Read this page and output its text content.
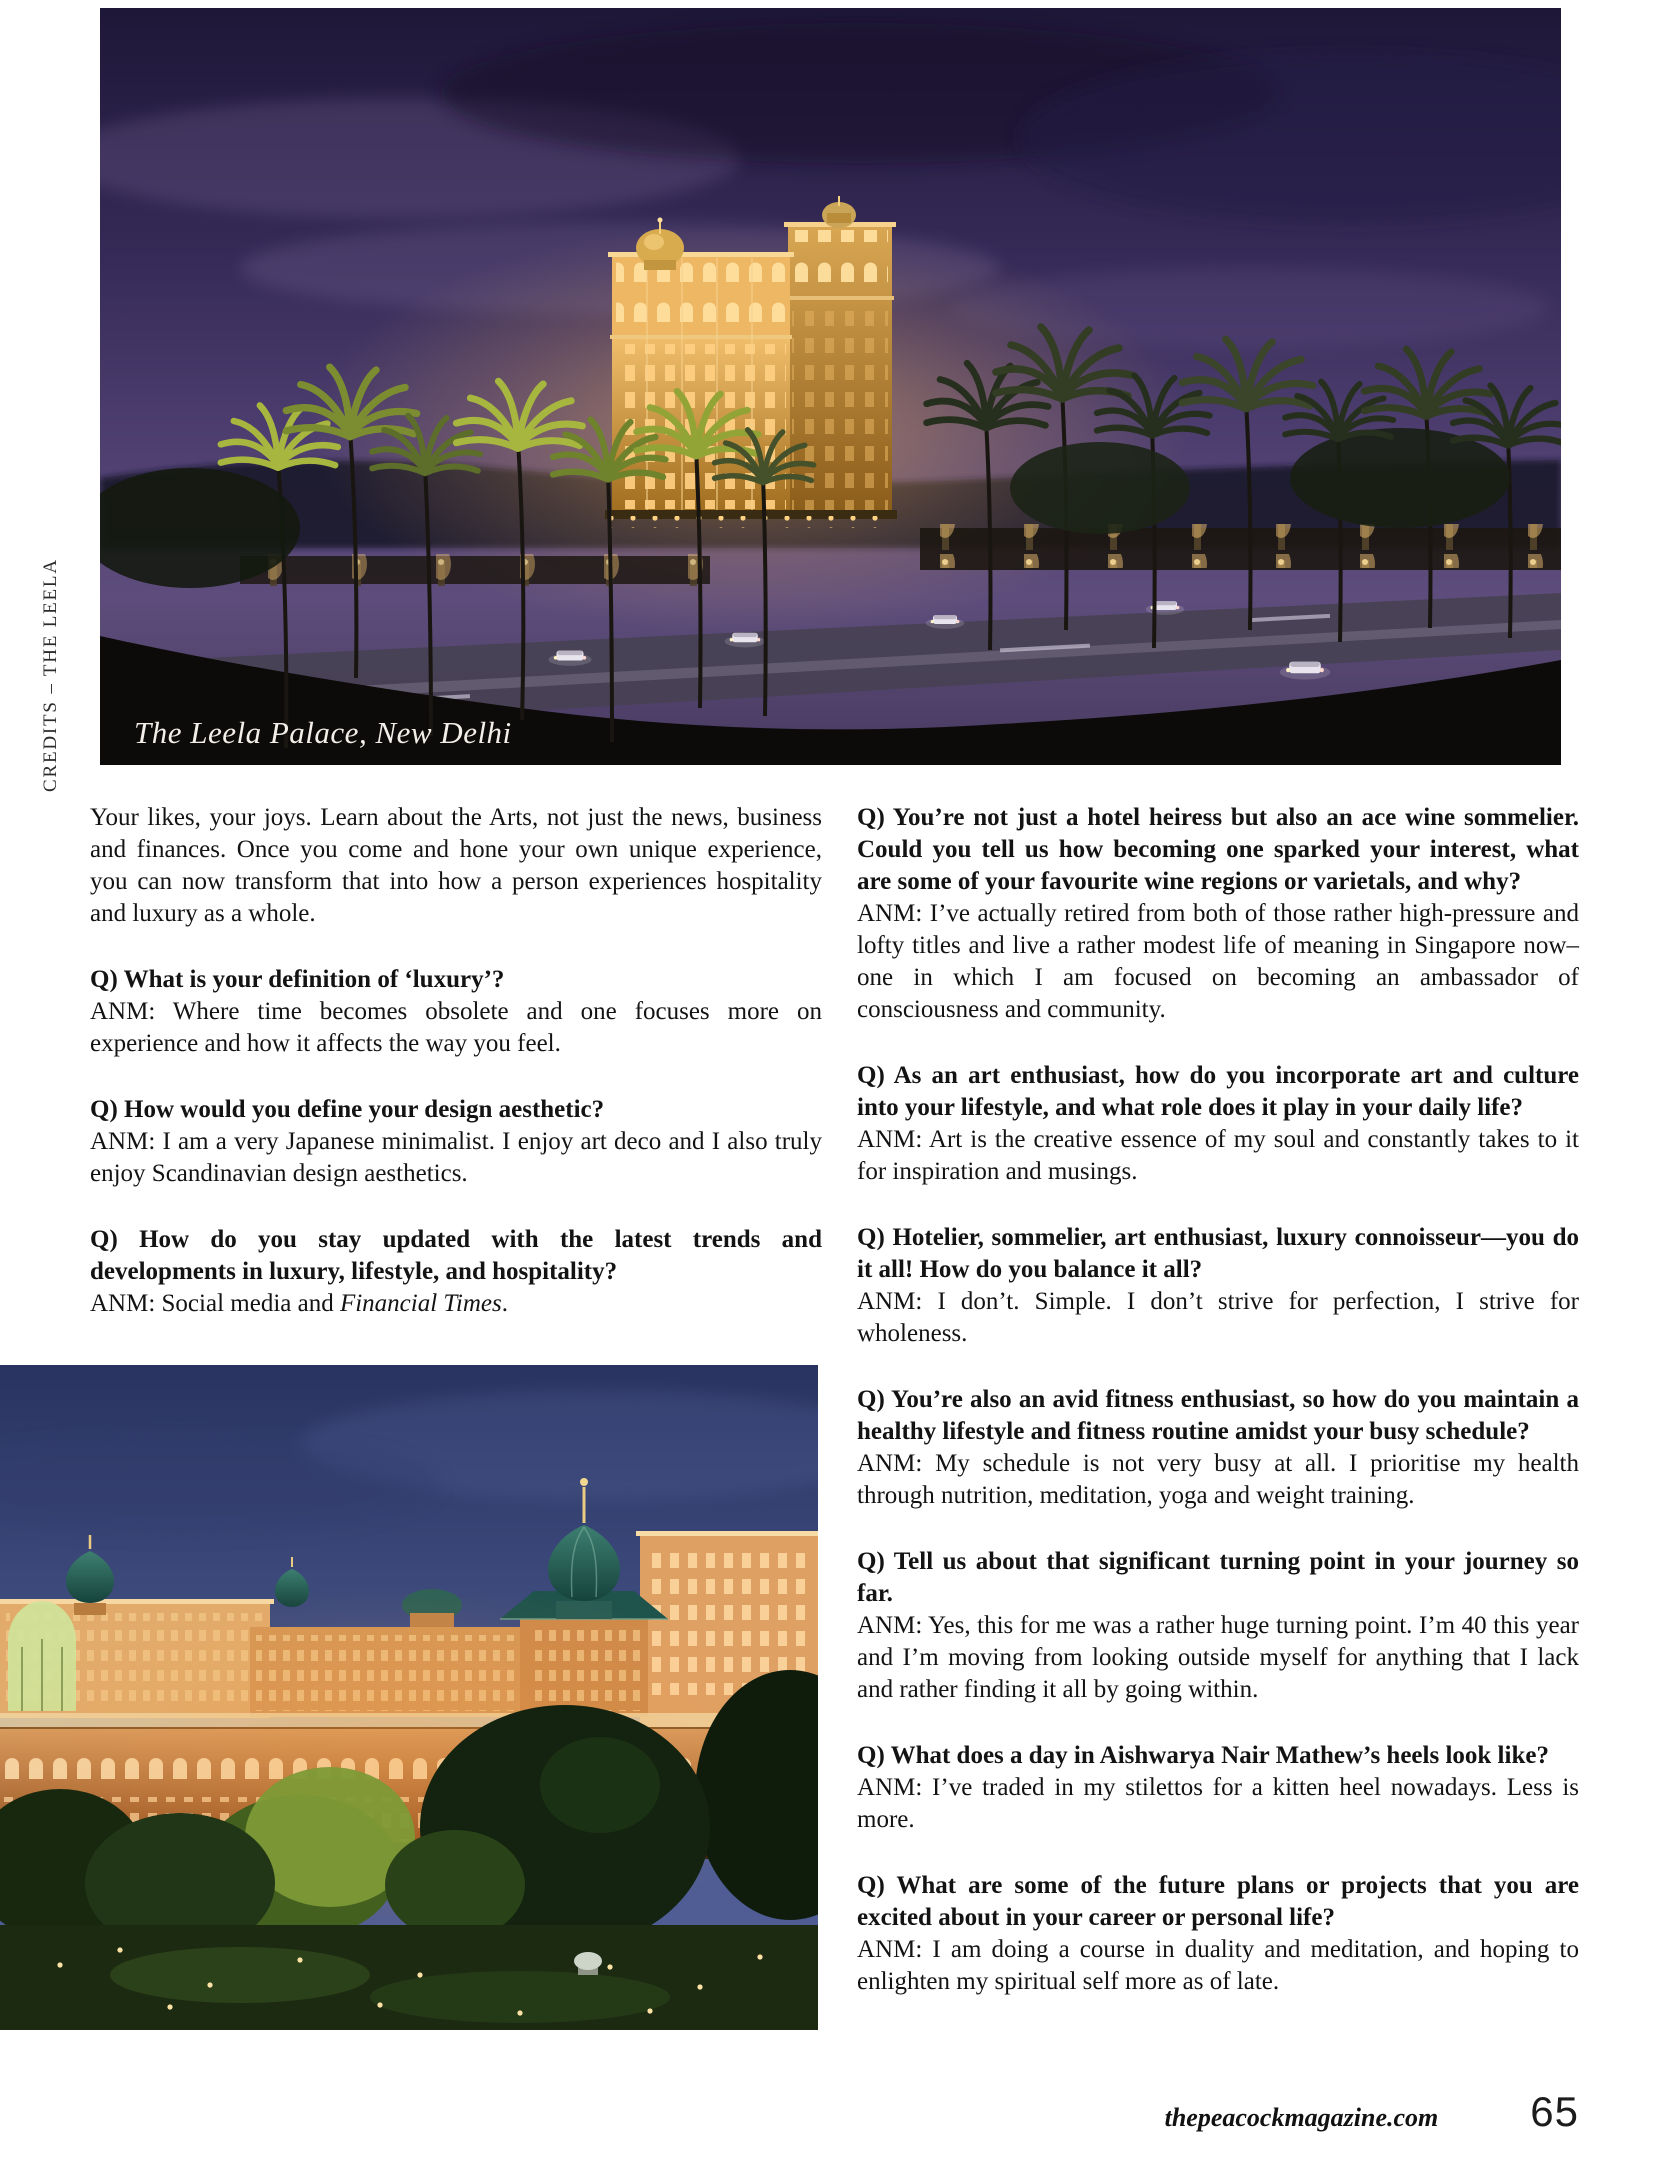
CREDITS – THE LEELA	The Leela Palace, New Delhi

Your likes, your joys. Learn about the Arts, not just the news, business and finances. Once you come and hone your own unique experience, you can now transform that into how a person experiences hospitality and luxury as a whole.

Q) What is your definition of ‘luxury’?

ANM: Where time becomes obsolete and one focuses more on experience and how it affects the way you feel.

Q) How would you define your design aesthetic?

ANM: I am a very Japanese minimalist. I enjoy art deco and I also truly enjoy Scandinavian design aesthetics.

Q) How do you stay updated with the latest trends and developments in luxury, lifestyle, and hospitality?

ANM: Social media and Financial Times.

Q) You’re not just a hotel heiress but also an ace wine sommelier. Could you tell us how becoming one sparked your interest, what are some of your favourite wine regions or varietals, and why?

ANM: I’ve actually retired from both of those rather high-pressure and lofty titles and live a rather modest life of meaning in Singapore now–one in which I am focused on becoming an ambassador of consciousness and community.

Q) As an art enthusiast, how do you incorporate art and culture into your lifestyle, and what role does it play in your daily life?

ANM: Art is the creative essence of my soul and constantly takes to it for inspiration and musings.

Q) Hotelier, sommelier, art enthusiast, luxury connoisseur—you do it all! How do you balance it all?

ANM: I don’t. Simple. I don’t strive for perfection, I strive for wholeness.

Q) You’re also an avid fitness enthusiast, so how do you maintain a healthy lifestyle and fitness routine amidst your busy schedule?

ANM: My schedule is not very busy at all. I prioritise my health through nutrition, meditation, yoga and weight training.

Q) Tell us about that significant turning point in your journey so far.

ANM: Yes, this for me was a rather huge turning point. I’m 40 this year and I’m moving from looking outside myself for anything that I lack and rather finding it all by going within.

Q) What does a day in Aishwarya Nair Mathew’s heels look like?

ANM: I’ve traded in my stilettos for a kitten heel nowadays. Less is more.

Q) What are some of the future plans or projects that you are excited about in your career or personal life?

ANM: I am doing a course in duality and meditation, and hoping to enlighten my spiritual self more as of late.

thepeacockmagazine.com 65
